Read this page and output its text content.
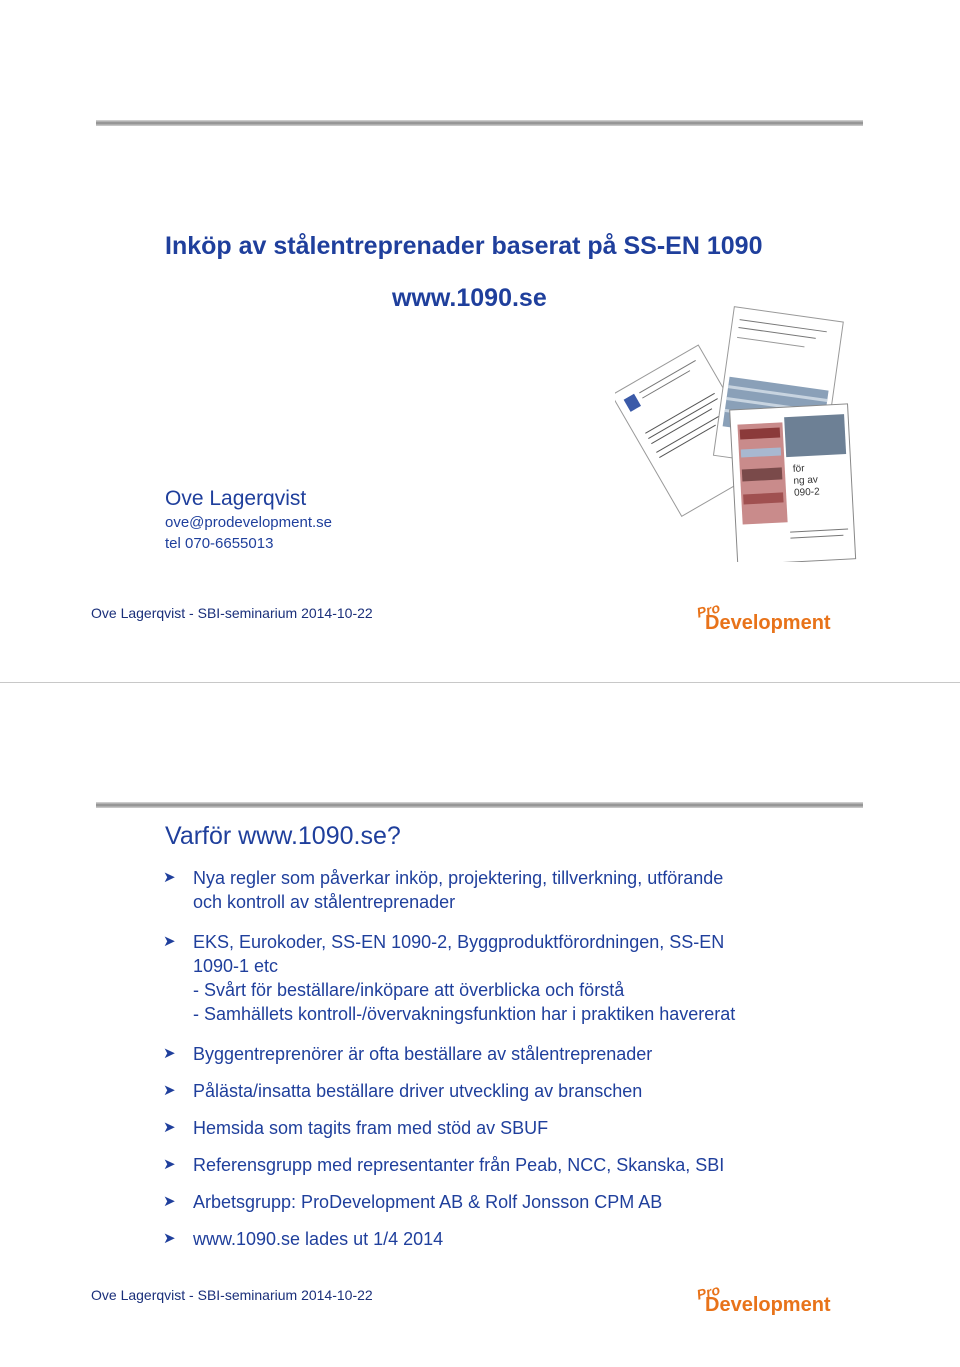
Inköp av stålentreprenader baserat på SS-EN 1090
www.1090.se
för
ng av
090-2
Ove Lagerqvist
ove@prodevelopment.se
tel 070-6655013
Ove Lagerqvist - SBI-seminarium 2014-10-22	Pro
Development
Varför www.1090.se?
➤ Nya regler som påverkar inköp, projektering, tillverkning, utförande
och kontroll av stålentreprenader
➤ EKS, Eurokoder, SS-EN 1090-2, Byggproduktförordningen, SS-EN
1090-1 etc
- Svårt för beställare/inköpare att överblicka och förstå
- Samhällets kontroll-/övervakningsfunktion har i praktiken havererat
➤ Byggentreprenörer är ofta beställare av stålentreprenader
➤ Pålästa/insatta beställare driver utveckling av branschen
➤ Hemsida som tagits fram med stöd av SBUF
➤ Referensgrupp med representanter från Peab, NCC, Skanska, SBI
➤ Arbetsgrupp: ProDevelopment AB & Rolf Jonsson CPM AB
➤ www.1090.se lades ut 1/4 2014
Ove Lagerqvist - SBI-seminarium 2014-10-22	Pro
Development
